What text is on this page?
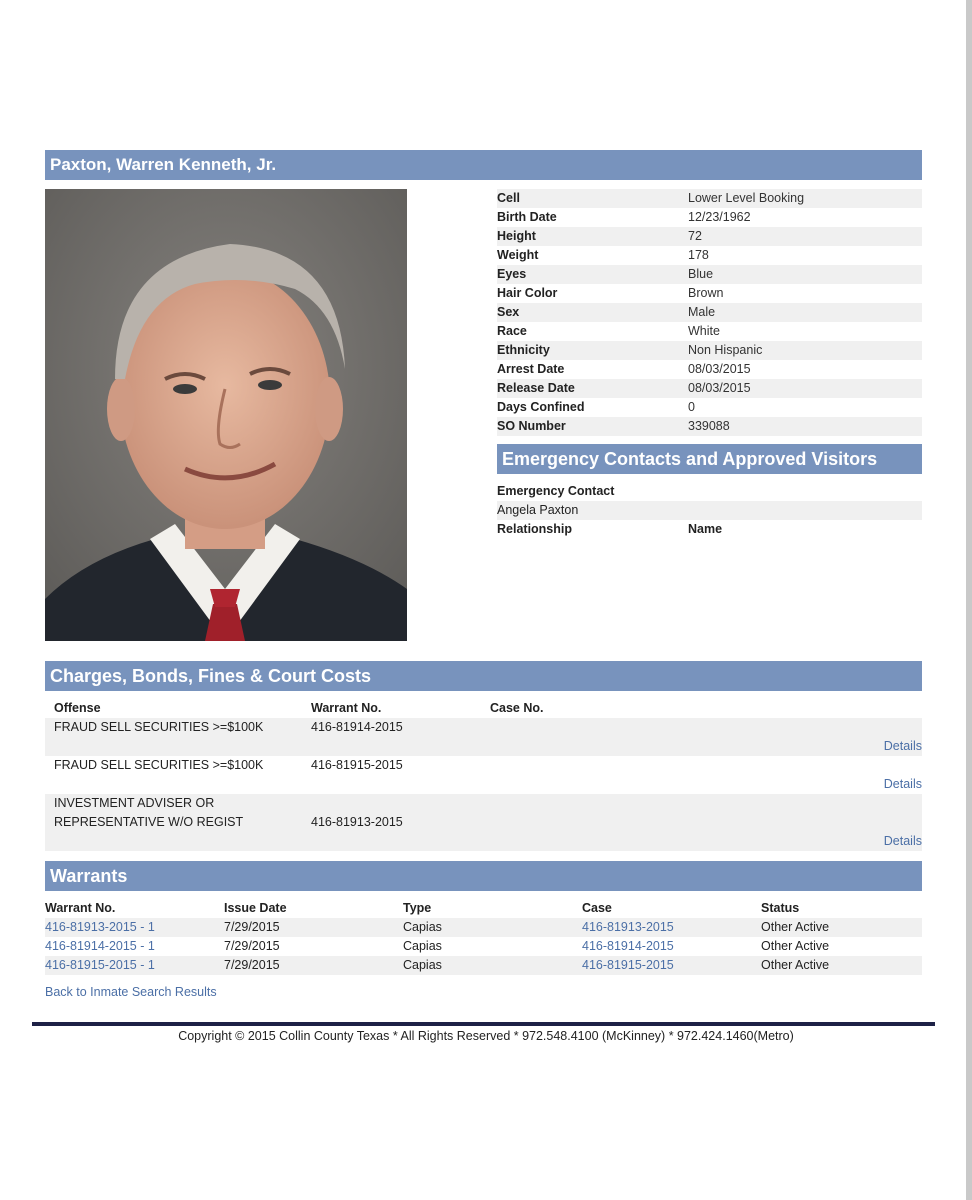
Paxton, Warren Kenneth, Jr.
Cell	Lower Level Booking
Birth Date	12/23/1962
Height	72
Weight	178
Eyes	Blue
Hair Color	Brown
Sex	Male
Race	White
Ethnicity	Non Hispanic
Arrest Date	08/03/2015
Release Date	08/03/2015
Days Confined	0
SO Number	339088
Emergency Contacts and Approved Visitors
Emergency Contact
Angela Paxton
Relationship	Name
Charges, Bonds, Fines & Court Costs
Offense	Warrant No.	Case No.
FRAUD SELL SECURITIES >=$100K	416-81914-2015
Details
FRAUD SELL SECURITIES >=$100K	416-81915-2015
Details
INVESTMENT ADVISER OR
REPRESENTATIVE W/O REGIST	416-81913-2015
Details
Warrants
Warrant No.	Issue Date	Type	Case	Status
416-81913-2015 - 1	7/29/2015	Capias	416-81913-2015	Other Active
416-81914-2015 - 1	7/29/2015	Capias	416-81914-2015	Other Active
416-81915-2015 - 1	7/29/2015	Capias	416-81915-2015	Other Active
Back to Inmate Search Results
Copyright © 2015 Collin County Texas * All Rights Reserved * 972.548.4100 (McKinney) * 972.424.1460(Metro)
